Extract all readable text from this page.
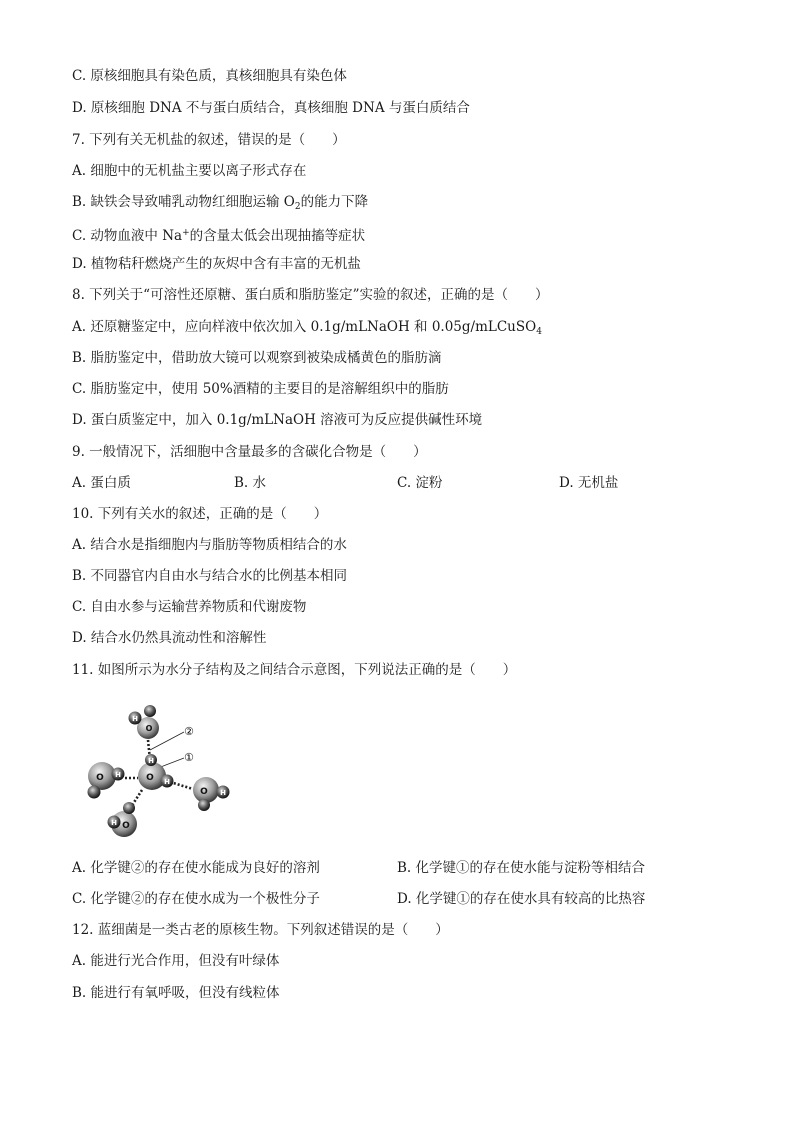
C. 原核细胞具有染色质，真核细胞具有染色体
D. 原核细胞 DNA 不与蛋白质结合，真核细胞 DNA 与蛋白质结合
7. 下列有关无机盐的叙述，错误的是（　　）
A. 细胞中的无机盐主要以离子形式存在
B. 缺铁会导致哺乳动物红细胞运输 $O_2$的能力下降
C. 动物血液中 Na+的含量太低会出现抽搐等症状
D. 植物秸秆燃烧产生的灰烬中含有丰富的无机盐
8. 下列关于“可溶性还原糖、蛋白质和脂肪鉴定”实验的叙述，正确的是（　　）
A. 还原糖鉴定中，应向样液中依次加入 0.1g/mLNaOH 和 0.05g/mLCuSO$_4$
B. 脂肪鉴定中，借助放大镜可以观察到被染成橘黄色的脂肪滴
C. 脂肪鉴定中，使用 50%酒精的主要目的是溶解组织中的脂肪
D. 蛋白质鉴定中，加入 0.1g/mLNaOH 溶液可为反应提供碱性环境
9. 一般情况下，活细胞中含量最多的含碳化合物是（　　）
A. 蛋白质	B. 水	C. 淀粉	D. 无机盐
10. 下列有关水的叙述，正确的是（　　）
A. 结合水是指细胞内与脂肪等物质相结合的水
B. 不同器官内自由水与结合水的比例基本相同
C. 自由水参与运输营养物质和代谢废物
D. 结合水仍然具流动性和溶解性
11. 如图所示为水分子结构及之间结合示意图，下列说法正确的是（　　）
②
①
H
O
O
H
H
O H
O H
O
H
A. 化学键②的存在使水能成为良好的溶剂	B. 化学键①的存在使水能与淀粉等相结合
C. 化学键②的存在使水成为一个极性分子	D. 化学键①的存在使水具有较高的比热容
12. 蓝细菌是一类古老的原核生物。下列叙述错误的是（　　）
A. 能进行光合作用，但没有叶绿体
B. 能进行有氧呼吸，但没有线粒体
